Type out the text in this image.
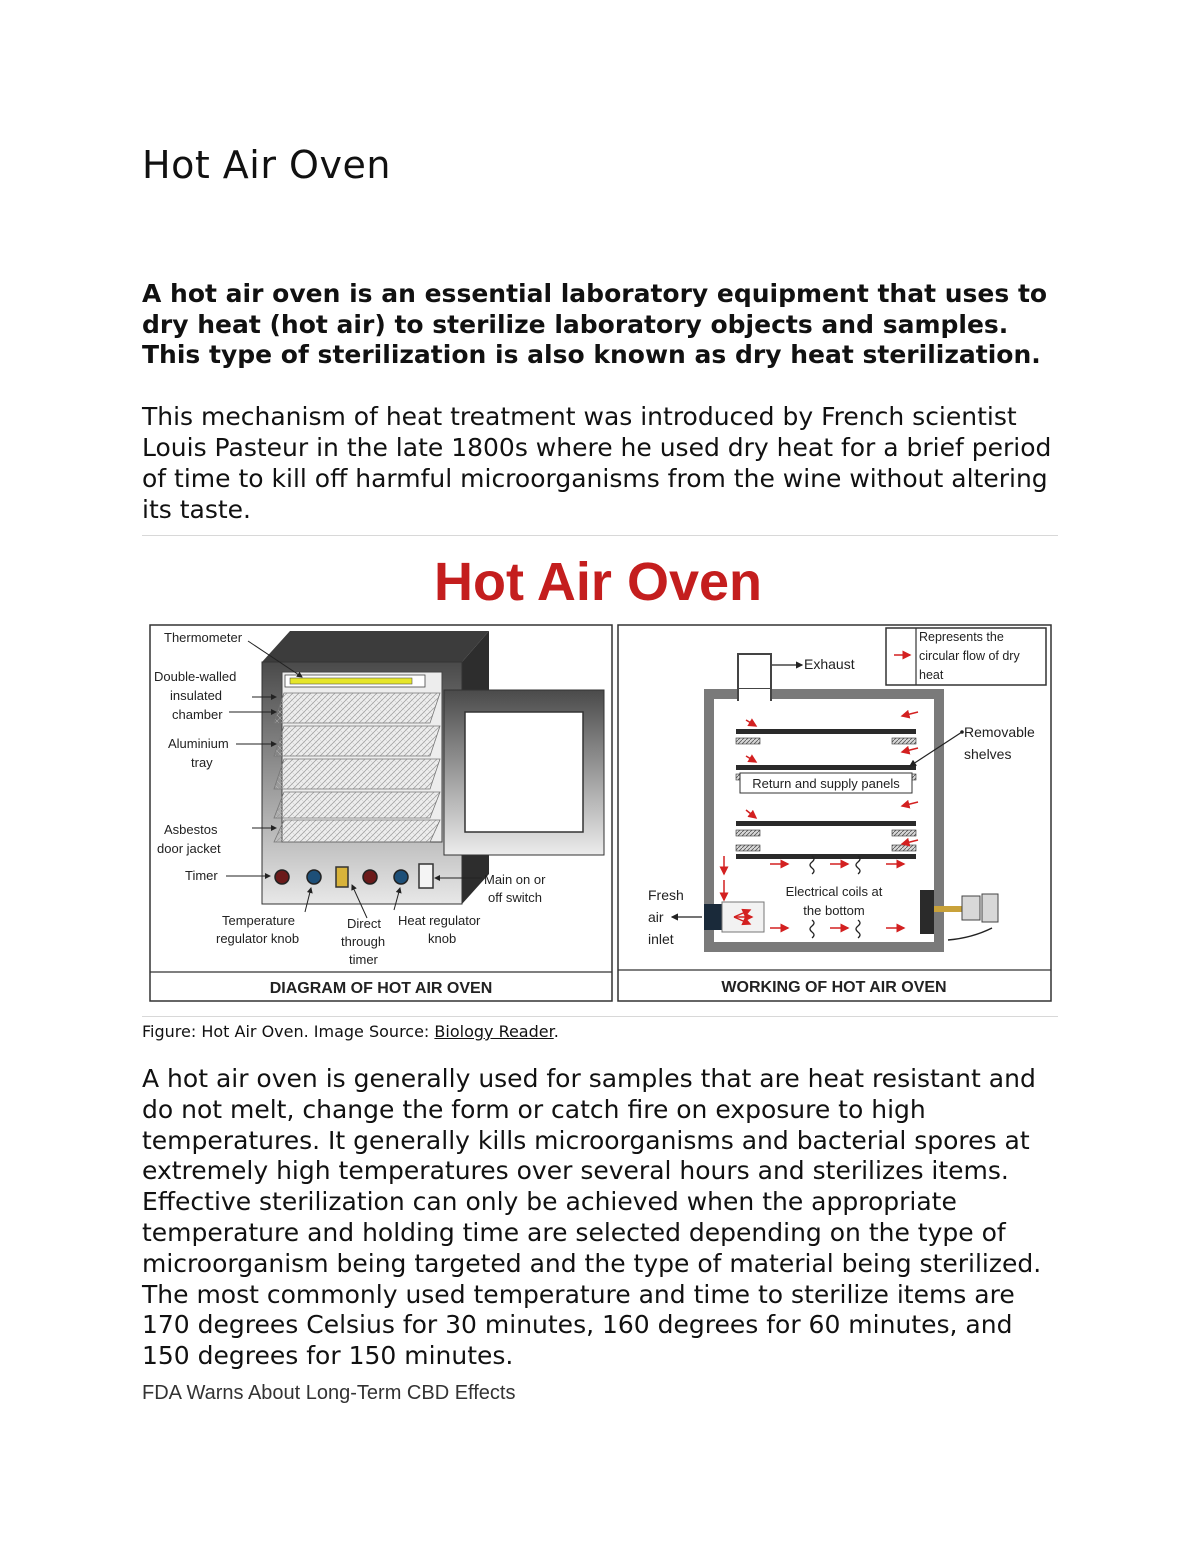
Hot Air Oven

A hot air oven is an essential laboratory equipment that uses to dry heat (hot air) to sterilize laboratory objects and samples. This type of sterilization is also known as dry heat sterilization.

This mechanism of heat treatment was introduced by French scientist Louis Pasteur in the late 1800s where he used dry heat for a brief period of time to kill off harmful microorganisms from the wine without altering its taste.

Hot Air Oven
DIAGRAM OF HOT AIR OVEN
Thermometer
Double-walled
insulated
chamber
Aluminium
tray
Asbestos
door jacket
Timer
Temperature
regulator knob
Direct
through
timer
Heat regulator
knob
Main on or
off switch
WORKING OF HOT AIR OVEN
Represents the
circular flow of dry
heat
Exhaust
Return and supply panels
Removable
shelves
Electrical coils at
the bottom
Fresh
air
inlet

Figure: Hot Air Oven. Image Source: Biology Reader.

A hot air oven is generally used for samples that are heat resistant and do not melt, change the form or catch fire on exposure to high temperatures. It generally kills microorganisms and bacterial spores at extremely high temperatures over several hours and sterilizes items. Effective sterilization can only be achieved when the appropriate temperature and holding time are selected depending on the type of microorganism being targeted and the type of material being sterilized. The most commonly used temperature and time to sterilize items are 170 degrees Celsius for 30 minutes, 160 degrees for 60 minutes, and 150 degrees for 150 minutes.

FDA Warns About Long-Term CBD Effects
